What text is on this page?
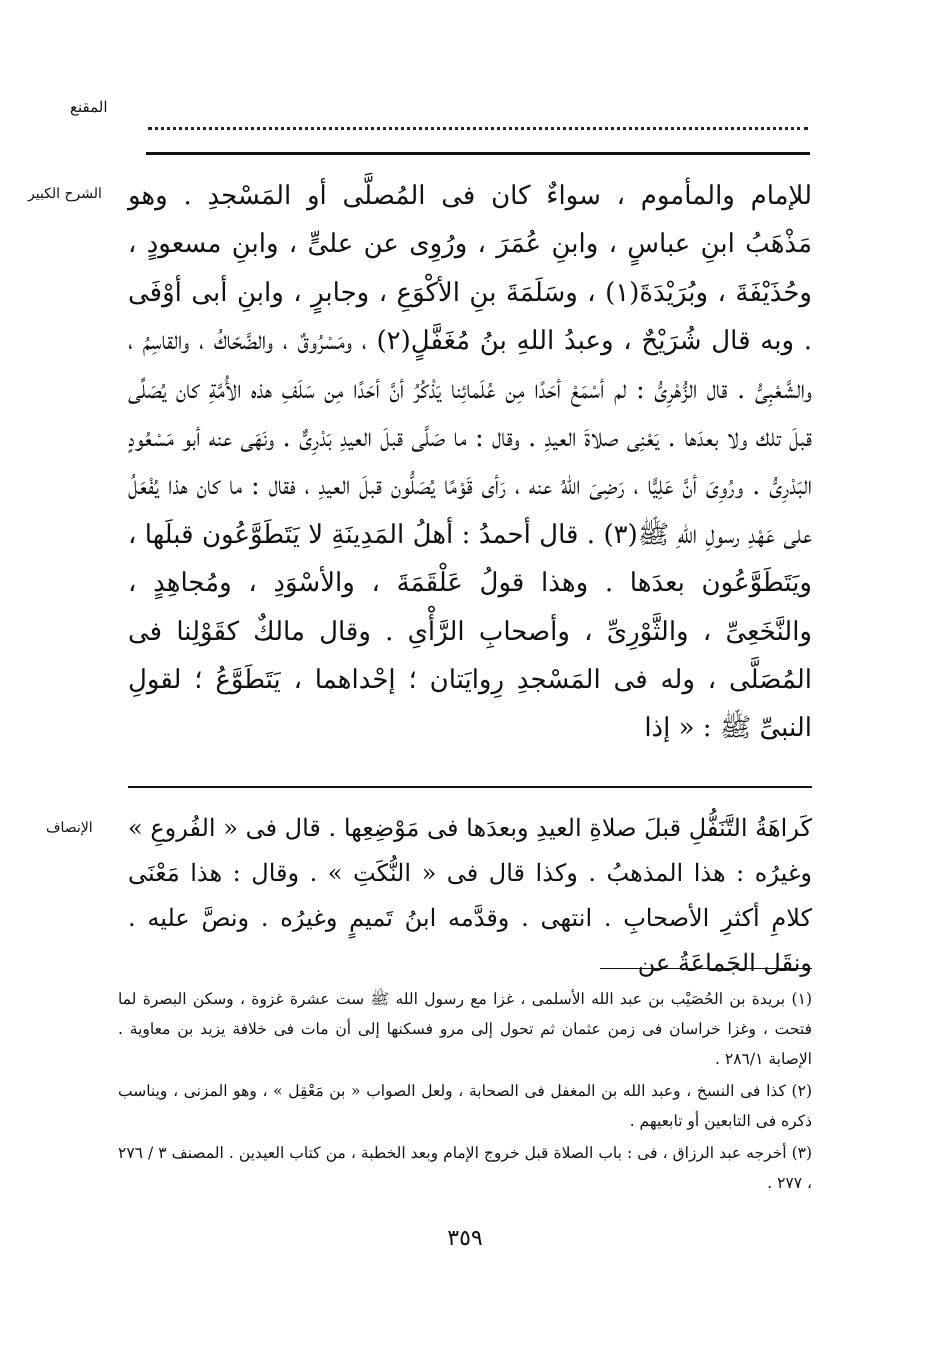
المقنع
الشرح الكبير للإمام والمأموم ، سواءٌ كان فى المُصلَّى أو المَسْجدِ . وهو مَذْهَبُ ابنِ عباسٍ ، وابنِ عُمَرَ ، ورُوِى عن علىٍّ ، وابنِ مسعودٍ ، وحُذَيْفَةَ ، وبُرَيْدَةَ(١) ، وسَلَمَةَ بنِ الأكْوَعِ ، وجابرٍ ، وابنِ أبى أوْفَى . وبه قال شُرَيْحٌ ، وعبدُ اللهِ بنُ مُغَفَّلٍ(٢) ، ومَسْرُوقٌ ، والضَّحّاكُ ، والقاسِمُ ، والشَّعْبِىُّ . قال الزُّهْرِىُّ : لم أسْمَعْ أحَدًا مِن عُلَمائِنا يَذْكُرُ أنَّ أحَدًا مِن سَلَفِ هذه الأُمَّةِ كان يُصَلِّى قبلَ تلك ولا بعدَها . يَعْنِى صلاةَ العيدِ . وقال : ما صَلَّى قبلَ العيدِ بَدْرِىٌّ . ونَهَى عنه أبو مَسْعُودٍ البَدْرِىُّ . ورُوِىَ أنَّ عَلِيًّا ، رَضِىَ اللهُ عنه ، رَأى قَوْمًا يُصَلُّون قبلَ العيدِ ، فقال : ما كان هذا يُفْعَلُ على عَهْدِ رسولِ اللهِ ﷺ(٣) . قال أحمدُ : أهلُ المَدِينَةِ لا يَتَطَوَّعُون قبلَها ، ويَتَطَوَّعُون بعدَها . وهذا قولُ عَلْقَمَةَ ، والأسْوَدِ ، ومُجاهِدٍ ، والنَّخَعِىِّ ، والثَّوْرِىِّ ، وأصحابِ الرَّأْىِ . وقال مالكٌ كقَوْلِنا فى المُصَلَّى ، وله فى المَسْجدِ رِوايَتان ؛ إحْداهما ، يَتَطَوَّعُ ؛ لقولِ النبىِّ ﷺ : « إذا

الإنصاف كَراهَةُ التَّنَفُّلِ قبلَ صلاةِ العيدِ وبعدَها فى مَوْضِعِها . قال فى « الفُروعِ » وغيرُه : هذا المذهبُ . وكذا قال فى « النُّكَتِ » . وقال : هذا مَعْنَى كلامِ أكثرِ الأصحابِ . انتهى . وقدَّمه ابنُ تَميمٍ وغيرُه . ونصَّ عليه . ونقَل الجَماعَةُ عن

(١) بريدة بن الحُصَيْب بن عبد الله الأسلمى ، غزا مع رسول الله ﷺ ست عشرة غزوة ، وسكن البصرة لما فتحت ، وغزا خراسان فى زمن عثمان ثم تحول إلى مرو فسكنها إلى أن مات فى خلافة يزيد بن معاوية . الإصابة ٢٨٦/١ .

(٢) كذا فى النسخ ، وعبد الله بن المغفل فى الصحابة ، ولعل الصواب « بن مَعْقِل » ، وهو المزنى ، ويناسب ذكره فى التابعين أو تابعيهم .

(٣) أخرجه عبد الرزاق ، فى : باب الصلاة قبل خروج الإمام وبعد الخطبة ، من كتاب العيدين . المصنف ٣ / ٢٧٦ ، ٢٧٧ .

٣٥٩
